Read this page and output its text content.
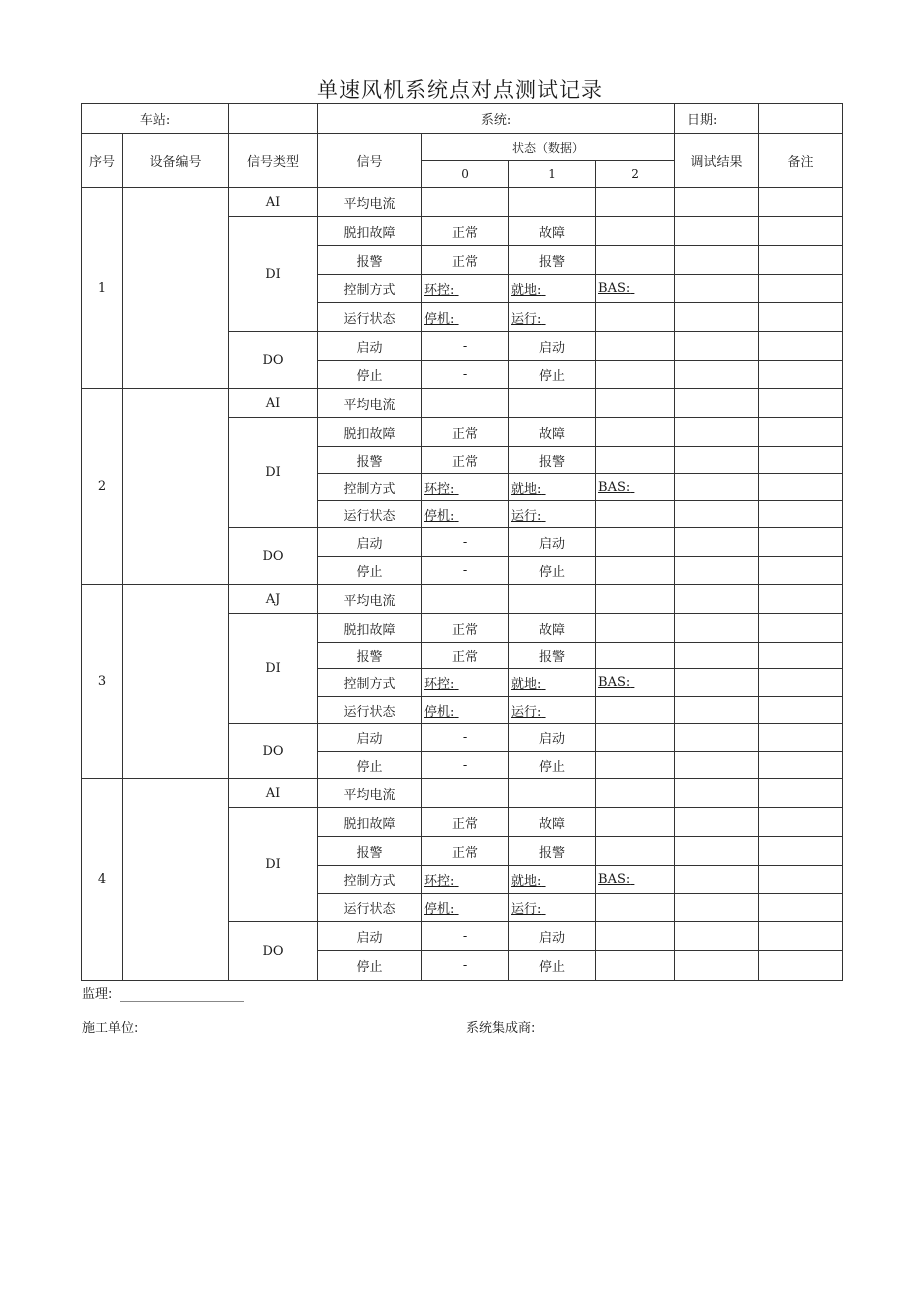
单速风机系统点对点测试记录
车站:			系统:				日期:	
序号	设备编号	信号类型	信号	状态（数据）			调试结果	备注
				0	1	2		
1		AI	平均电流					
		DI	脱扣故障	正常	故障			
			报警	正常	报警			
			控制方式	环控:	就地:	BAS:		
			运行状态	停机:	运行:			
		DO	启动	-	启动			
			停止	-	停止			
2		AI	平均电流					
		DI	脱扣故障	正常	故障			
			报警	正常	报警			
			控制方式	环控:	就地:	BAS:		
			运行状态	停机:	运行:			
		DO	启动	-	启动			
			停止	-	停止			
3		AJ	平均电流					
		DI	脱扣故障	正常	故障			
			报警	正常	报警			
			控制方式	环控:	就地:	BAS:		
			运行状态	停机:	运行:			
		DO	启动	-	启动			
			停止	-	停止			
4		AI	平均电流					
		DI	脱扣故障	正常	故障			
			报警	正常	报警			
			控制方式	环控:	就地:	BAS:		
			运行状态	停机:	运行:			
		DO	启动	-	启动			
			停止	-	停止			
监理:
施工单位:	系统集成商:
